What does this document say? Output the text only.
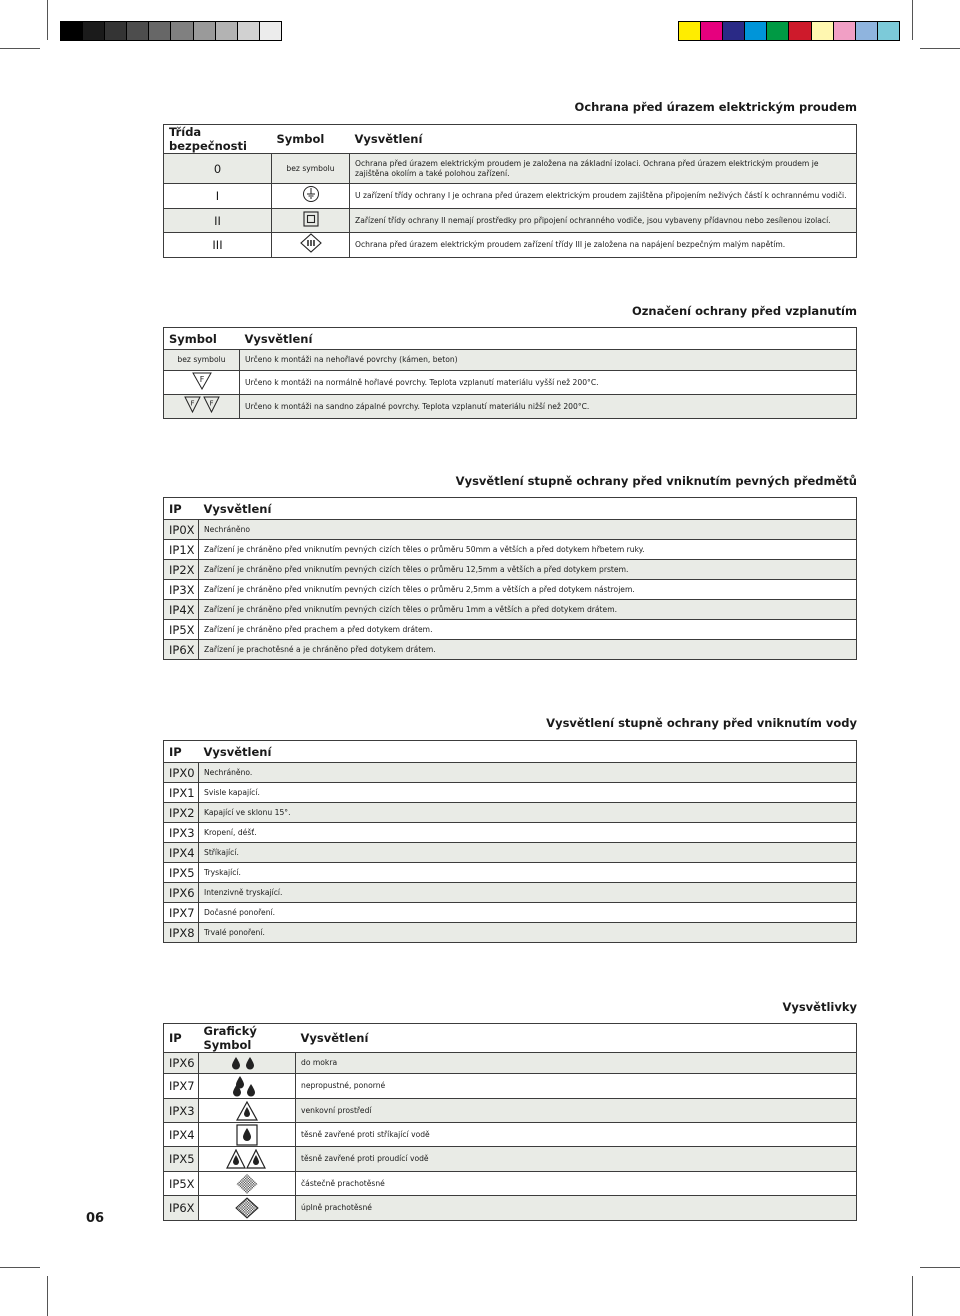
Ochrana před úrazem elektrickým proudem
Třída bezpečnosti	Symbol	Vysvětlení
0	bez symbolu	Ochrana před úrazem elektrickým proudem je založena na základní izolaci. Ochrana před úrazem elektrickým proudem je zajištěna okolím a také polohou zařízení.
I		U zařízení třídy ochrany I je ochrana před úrazem elektrickým proudem zajištěna připojením neživých částí k ochrannému vodiči.
II		Zařízení třídy ochrany II nemají prostředky pro připojení ochranného vodiče, jsou vybaveny přídavnou nebo zesílenou izolací.
III	III	Ochrana před úrazem elektrickým proudem zařízení třídy III je založena na napájení bezpečným malým napětím.
Označení ochrany před vzplanutím
Symbol	Vysvětlení
bez symbolu	Určeno k montáži na nehořlavé povrchy (kámen, beton)

F	Určeno k montáži na normálně hořlavé povrchy. Teplota vzplanutí materiálu vyšší než 200°C.

F F	Určeno k montáži na sandno zápalné povrchy. Teplota vzplanutí materiálu nižší než 200°C.
Vysvětlení stupně ochrany před vniknutím pevných předmětů
IP	Vysvětlení
IP0X	Nechráněno
IP1X	Zařízení je chráněno před vniknutím pevných cizích těles o průměru 50mm a větších a před dotykem hřbetem ruky.
IP2X	Zařízení je chráněno před vniknutím pevných cizích těles o průměru 12,5mm a větších a před dotykem prstem.
IP3X	Zařízení je chráněno před vniknutím pevných cizích těles o průměru 2,5mm a větších a před dotykem nástrojem.
IP4X	Zařízení je chráněno před vniknutím pevných cizích těles o průměru 1mm a větších a před dotykem drátem.
IP5X	Zařízení je chráněno před prachem a před dotykem drátem.
IP6X	Zařízení je prachotěsné a je chráněno před dotykem drátem.
Vysvětlení stupně ochrany před vniknutím vody
IP	Vysvětlení
IPX0	Nechráněno.
IPX1	Svisle kapající.
IPX2	Kapající ve sklonu 15°.
IPX3	Kropení, déšť.
IPX4	Stříkající.
IPX5	Tryskající.
IPX6	Intenzivně tryskající.
IPX7	Dočasné ponoření.
IPX8	Trvalé ponoření.
Vysvětlivky
IP	Grafický Symbol	Vysvětlení
IPX6		do mokra
IPX7		nepropustné, ponorné
IPX3		venkovní prostředí
IPX4		těsně zavřené proti stříkající vodě
IPX5		těsně zavřené proti proudící vodě
IP5X		částečně prachotěsné
IP6X		úplně prachotěsné
06
